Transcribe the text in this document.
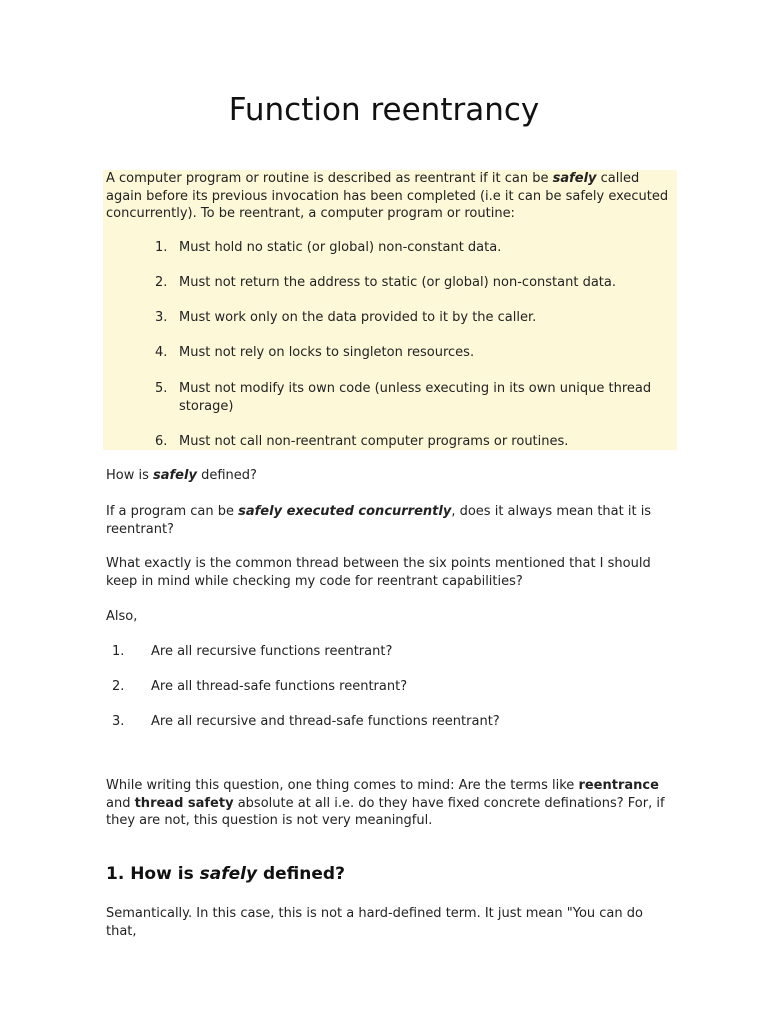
Function reentrancy

A computer program or routine is described as reentrant if it can be safely called again before its previous invocation has been completed (i.e it can be safely executed concurrently). To be reentrant, a computer program or routine:

1. Must hold no static (or global) non-constant data.
2. Must not return the address to static (or global) non-constant data.
3. Must work only on the data provided to it by the caller.
4. Must not rely on locks to singleton resources.
5. Must not modify its own code (unless executing in its own unique thread storage)
6. Must not call non-reentrant computer programs or routines.

How is safely defined?

If a program can be safely executed concurrently, does it always mean that it is reentrant?

What exactly is the common thread between the six points mentioned that I should keep in mind while checking my code for reentrant capabilities?

Also,

1. Are all recursive functions reentrant?
2. Are all thread-safe functions reentrant?
3. Are all recursive and thread-safe functions reentrant?

While writing this question, one thing comes to mind: Are the terms like reentrance and thread safety absolute at all i.e. do they have fixed concrete definations? For, if they are not, this question is not very meaningful.

1. How is safely defined?

Semantically. In this case, this is not a hard-defined term. It just mean "You can do that,
